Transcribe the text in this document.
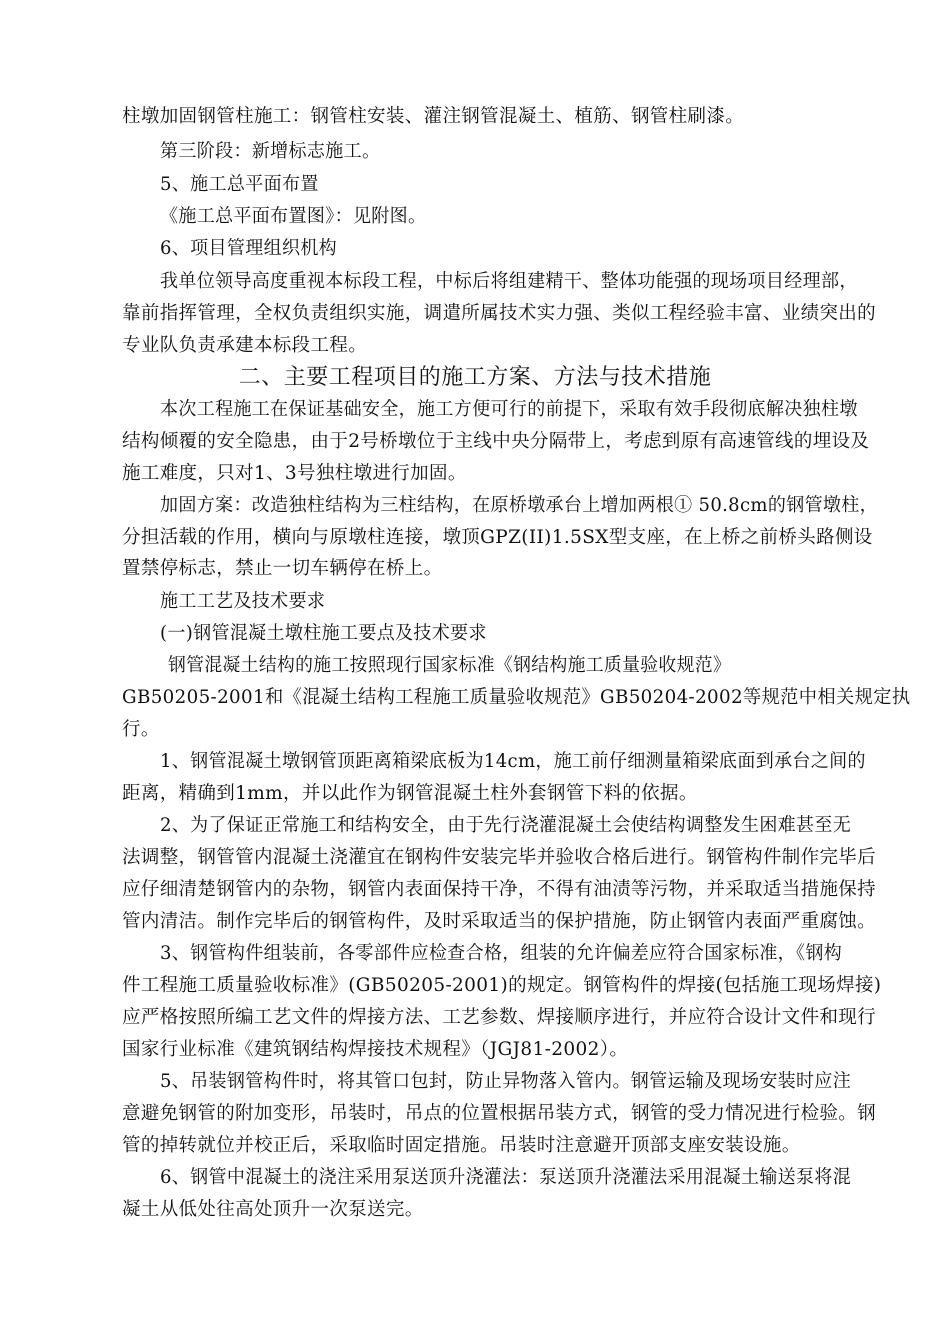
柱墩加固钢管柱施工：钢管柱安装、灌注钢管混凝土、植筋、钢管柱刷漆。
第三阶段：新增标志施工。
5、施工总平面布置
《施工总平面布置图》：见附图。
6、项目管理组织机构
我单位领导高度重视本标段工程，中标后将组建精干、整体功能强的现场项目经理部，
靠前指挥管理，全权负责组织实施，调遣所属技术实力强、类似工程经验丰富、业绩突出的
专业队负责承建本标段工程。
二、主要工程项目的施工方案、方法与技术措施
本次工程施工在保证基础安全，施工方便可行的前提下，采取有效手段彻底解决独柱墩
结构倾覆的安全隐患，由于2号桥墩位于主线中央分隔带上，考虑到原有高速管线的埋设及
施工难度，只对1、3号独柱墩进行加固。
加固方案：改造独柱结构为三柱结构，在原桥墩承台上增加两根① 50.8cm的钢管墩柱，
分担活载的作用，横向与原墩柱连接，墩顶GPZ(II)1.5SX型支座，在上桥之前桥头路侧设
置禁停标志，禁止一切车辆停在桥上。
施工工艺及技术要求
(一)钢管混凝土墩柱施工要点及技术要求
钢管混凝土结构的施工按照现行国家标准《钢结构施工质量验收规范》
GB50205-2001和《混凝土结构工程施工质量验收规范》GB50204-2002等规范中相关规定执
行。
1、钢管混凝土墩钢管顶距离箱梁底板为14cm，施工前仔细测量箱梁底面到承台之间的
距离，精确到1mm，并以此作为钢管混凝土柱外套钢管下料的依据。
2、为了保证正常施工和结构安全，由于先行浇灌混凝土会使结构调整发生困难甚至无
法调整，钢管管内混凝土浇灌宜在钢构件安装完毕并验收合格后进行。钢管构件制作完毕后
应仔细清楚钢管内的杂物，钢管内表面保持干净，不得有油渍等污物，并采取适当措施保持
管内清洁。制作完毕后的钢管构件，及时采取适当的保护措施，防止钢管内表面严重腐蚀。
3、钢管构件组装前，各零部件应检查合格，组装的允许偏差应符合国家标准，《钢构
件工程施工质量验收标准》(GB50205-2001)的规定。钢管构件的焊接(包括施工现场焊接)
应严格按照所编工艺文件的焊接方法、工艺参数、焊接顺序进行，并应符合设计文件和现行
国家行业标准《建筑钢结构焊接技术规程》（JGJ81-2002）。
5、吊装钢管构件时，将其管口包封，防止异物落入管内。钢管运输及现场安装时应注
意避免钢管的附加变形，吊装时，吊点的位置根据吊装方式，钢管的受力情况进行检验。钢
管的掉转就位并校正后，采取临时固定措施。吊装时注意避开顶部支座安装设施。
6、钢管中混凝土的浇注采用泵送顶升浇灌法：泵送顶升浇灌法采用混凝土输送泵将混
凝土从低处往高处顶升一次泵送完。
